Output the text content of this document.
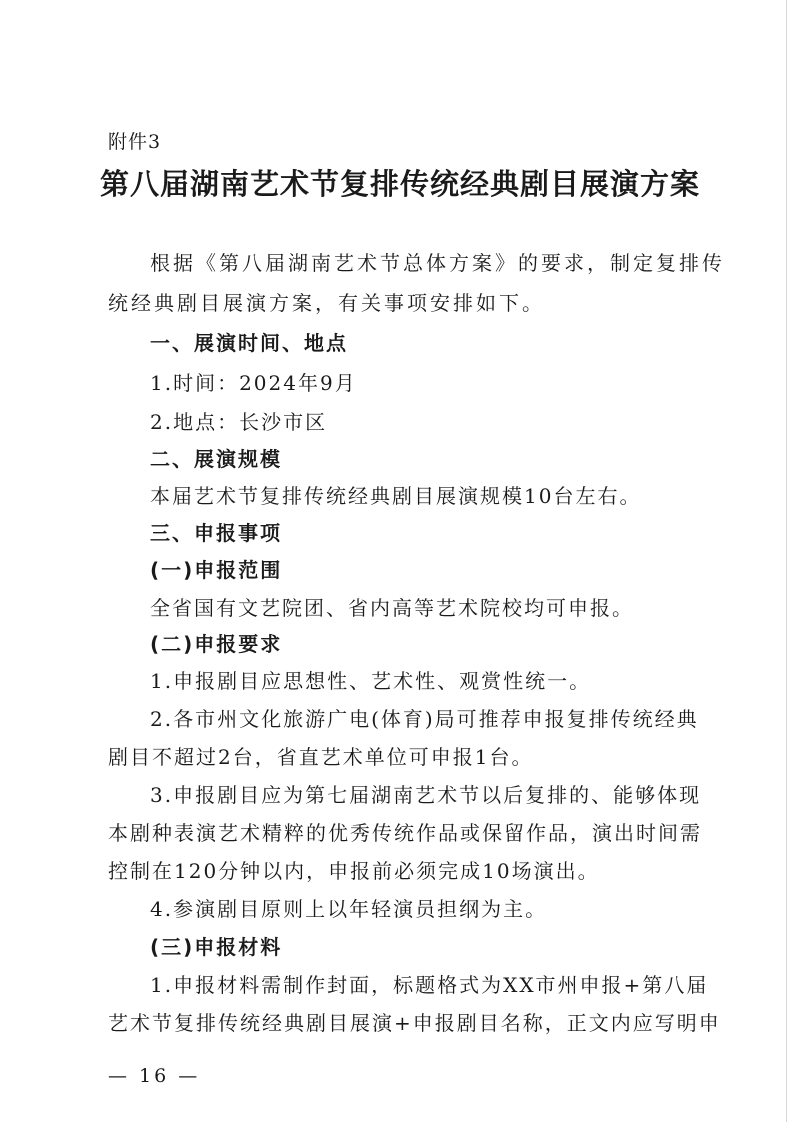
附件3
第八届湖南艺术节复排传统经典剧目展演方案
根据《第八届湖南艺术节总体方案》的要求，制定复排传
统经典剧目展演方案，有关事项安排如下。
一、展演时间、地点
1.时间：2024年9月
2.地点：长沙市区
二、展演规模
本届艺术节复排传统经典剧目展演规模10台左右。
三、申报事项
(一)申报范围
全省国有文艺院团、省内高等艺术院校均可申报。
(二)申报要求
1.申报剧目应思想性、艺术性、观赏性统一。
2.各市州文化旅游广电(体育)局可推荐申报复排传统经典
剧目不超过2台，省直艺术单位可申报1台。
3.申报剧目应为第七届湖南艺术节以后复排的、能够体现
本剧种表演艺术精粹的优秀传统作品或保留作品，演出时间需
控制在120分钟以内，申报前必须完成10场演出。
4.参演剧目原则上以年轻演员担纲为主。
(三)申报材料
1.申报材料需制作封面，标题格式为XX市州申报+第八届
艺术节复排传统经典剧目展演+申报剧目名称，正文内应写明申
— 16 —
